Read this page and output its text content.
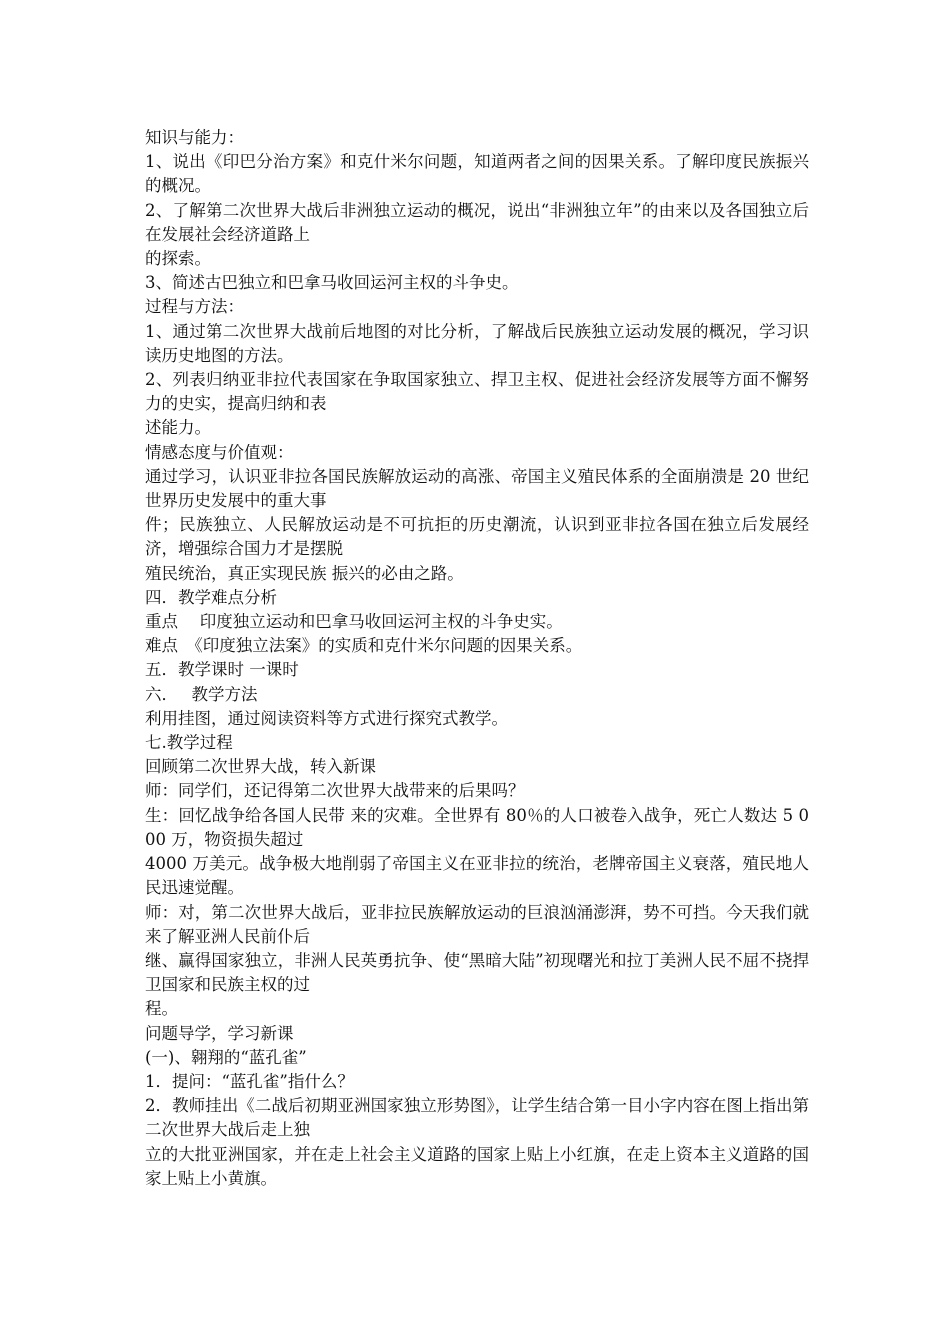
知识与能力：

1、说出《印巴分治方案》和克什米尔问题，知道两者之间的因果关系。了解印度民族振兴的概况。

2、了解第二次世界大战后非洲独立运动的概况，说出“非洲独立年”的由来以及各国独立后在发展社会经济道路上

的探索。

3、简述古巴独立和巴拿马收回运河主权的斗争史。

过程与方法：

1、通过第二次世界大战前后地图的对比分析，了解战后民族独立运动发展的概况，学习识读历史地图的方法。

2、列表归纳亚非拉代表国家在争取国家独立、捍卫主权、促进社会经济发展等方面不懈努力的史实，提高归纳和表

述能力。

情感态度与价值观：

通过学习，认识亚非拉各国民族解放运动的高涨、帝国主义殖民体系的全面崩溃是 20 世纪世界历史发展中的重大事

件；民族独立、人民解放运动是不可抗拒的历史潮流，认识到亚非拉各国在独立后发展经济，增强综合国力才是摆脱

殖民统治，真正实现民族 振兴的必由之路。

四．教学难点分析

重点　 印度独立运动和巴拿马收回运河主权的斗争史实。

难点　《印度独立法案》的实质和克什米尔问题的因果关系。

五．教学课时 一课时

六．　 教学方法

利用挂图，通过阅读资料等方式进行探究式教学。

七.教学过程

回顾第二次世界大战，转入新课

师：同学们，还记得第二次世界大战带来的后果吗？

生：回忆战争给各国人民带 来的灾难。全世界有 80％的人口被卷入战争，死亡人数达 5 000 万，物资损失超过

4000 万美元。战争极大地削弱了帝国主义在亚非拉的统治，老牌帝国主义衰落，殖民地人民迅速觉醒。

师：对，第二次世界大战后，亚非拉民族解放运动的巨浪汹涌澎湃，势不可挡。今天我们就来了解亚洲人民前仆后

继、赢得国家独立，非洲人民英勇抗争、使“黑暗大陆”初现曙光和拉丁美洲人民不屈不挠捍卫国家和民族主权的过

程。

问题导学，学习新课

(一)、翱翔的“蓝孔雀”

1．提问：“蓝孔雀”指什么？

2．教师挂出《二战后初期亚洲国家独立形势图》，让学生结合第一目小字内容在图上指出第二次世界大战后走上独

立的大批亚洲国家，并在走上社会主义道路的国家上贴上小红旗，在走上资本主义道路的国家上贴上小黄旗。
